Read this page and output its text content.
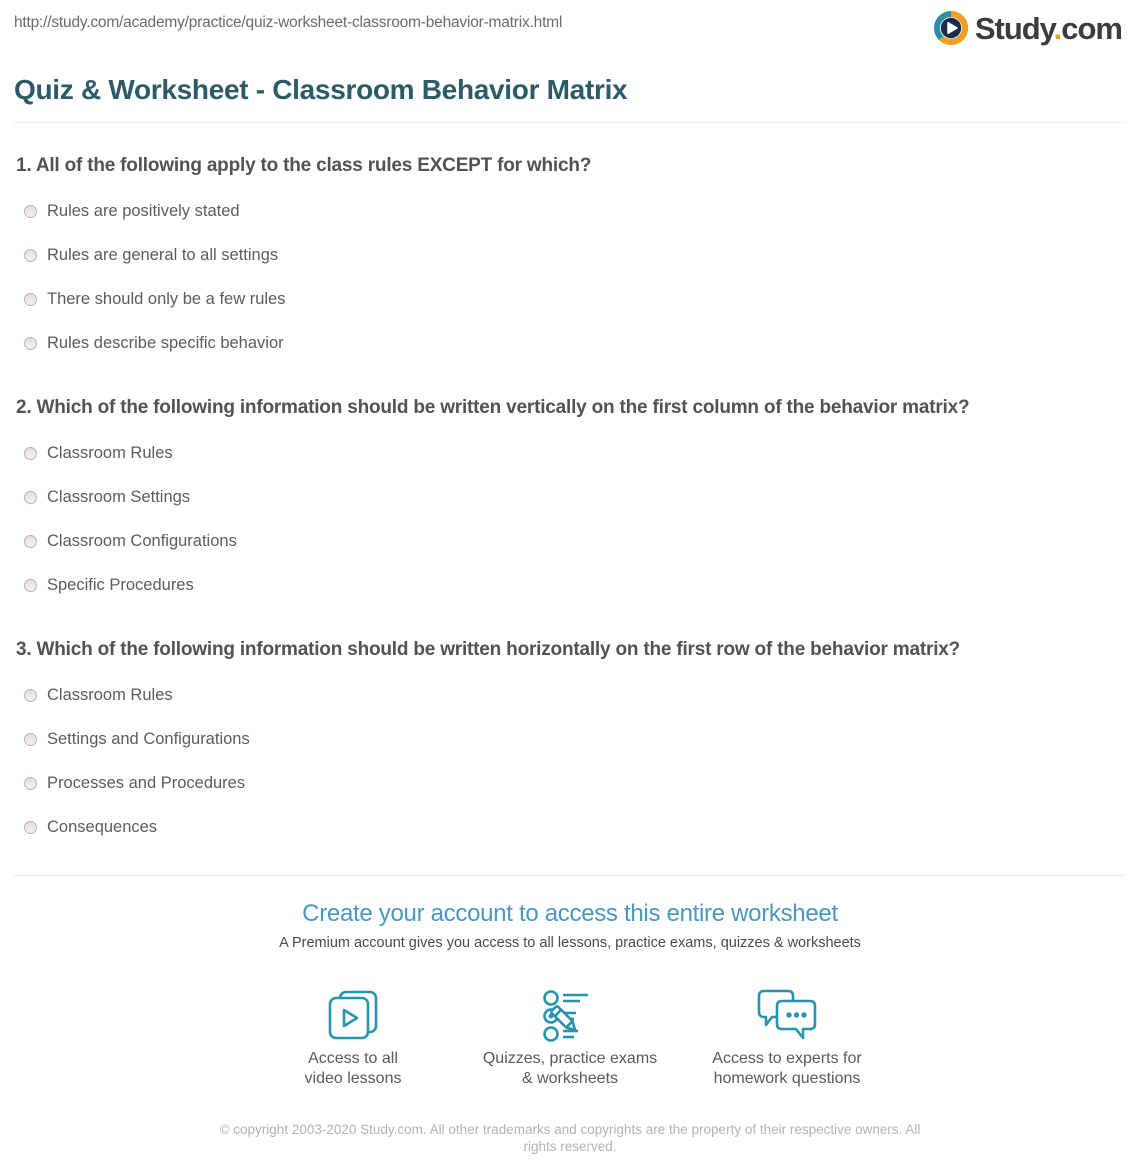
http://study.com/academy/practice/quiz-worksheet-classroom-behavior-matrix.html	Study.com
Quiz & Worksheet - Classroom Behavior Matrix
1. All of the following apply to the class rules EXCEPT for which?
Rules are positively stated
Rules are general to all settings
There should only be a few rules
Rules describe specific behavior
2. Which of the following information should be written vertically on the first column of the behavior matrix?
Classroom Rules
Classroom Settings
Classroom Configurations
Specific Procedures
3. Which of the following information should be written horizontally on the first row of the behavior matrix?
Classroom Rules
Settings and Configurations
Processes and Procedures
Consequences
Create your account to access this entire worksheet

A Premium account gives you access to all lessons, practice exams, quizzes & worksheets

Access to all
video lessons
Quizzes, practice exams
& worksheets
Access to experts for
homework questions
© copyright 2003-2020 Study.com. All other trademarks and copyrights are the property of their respective owners. All rights reserved.
